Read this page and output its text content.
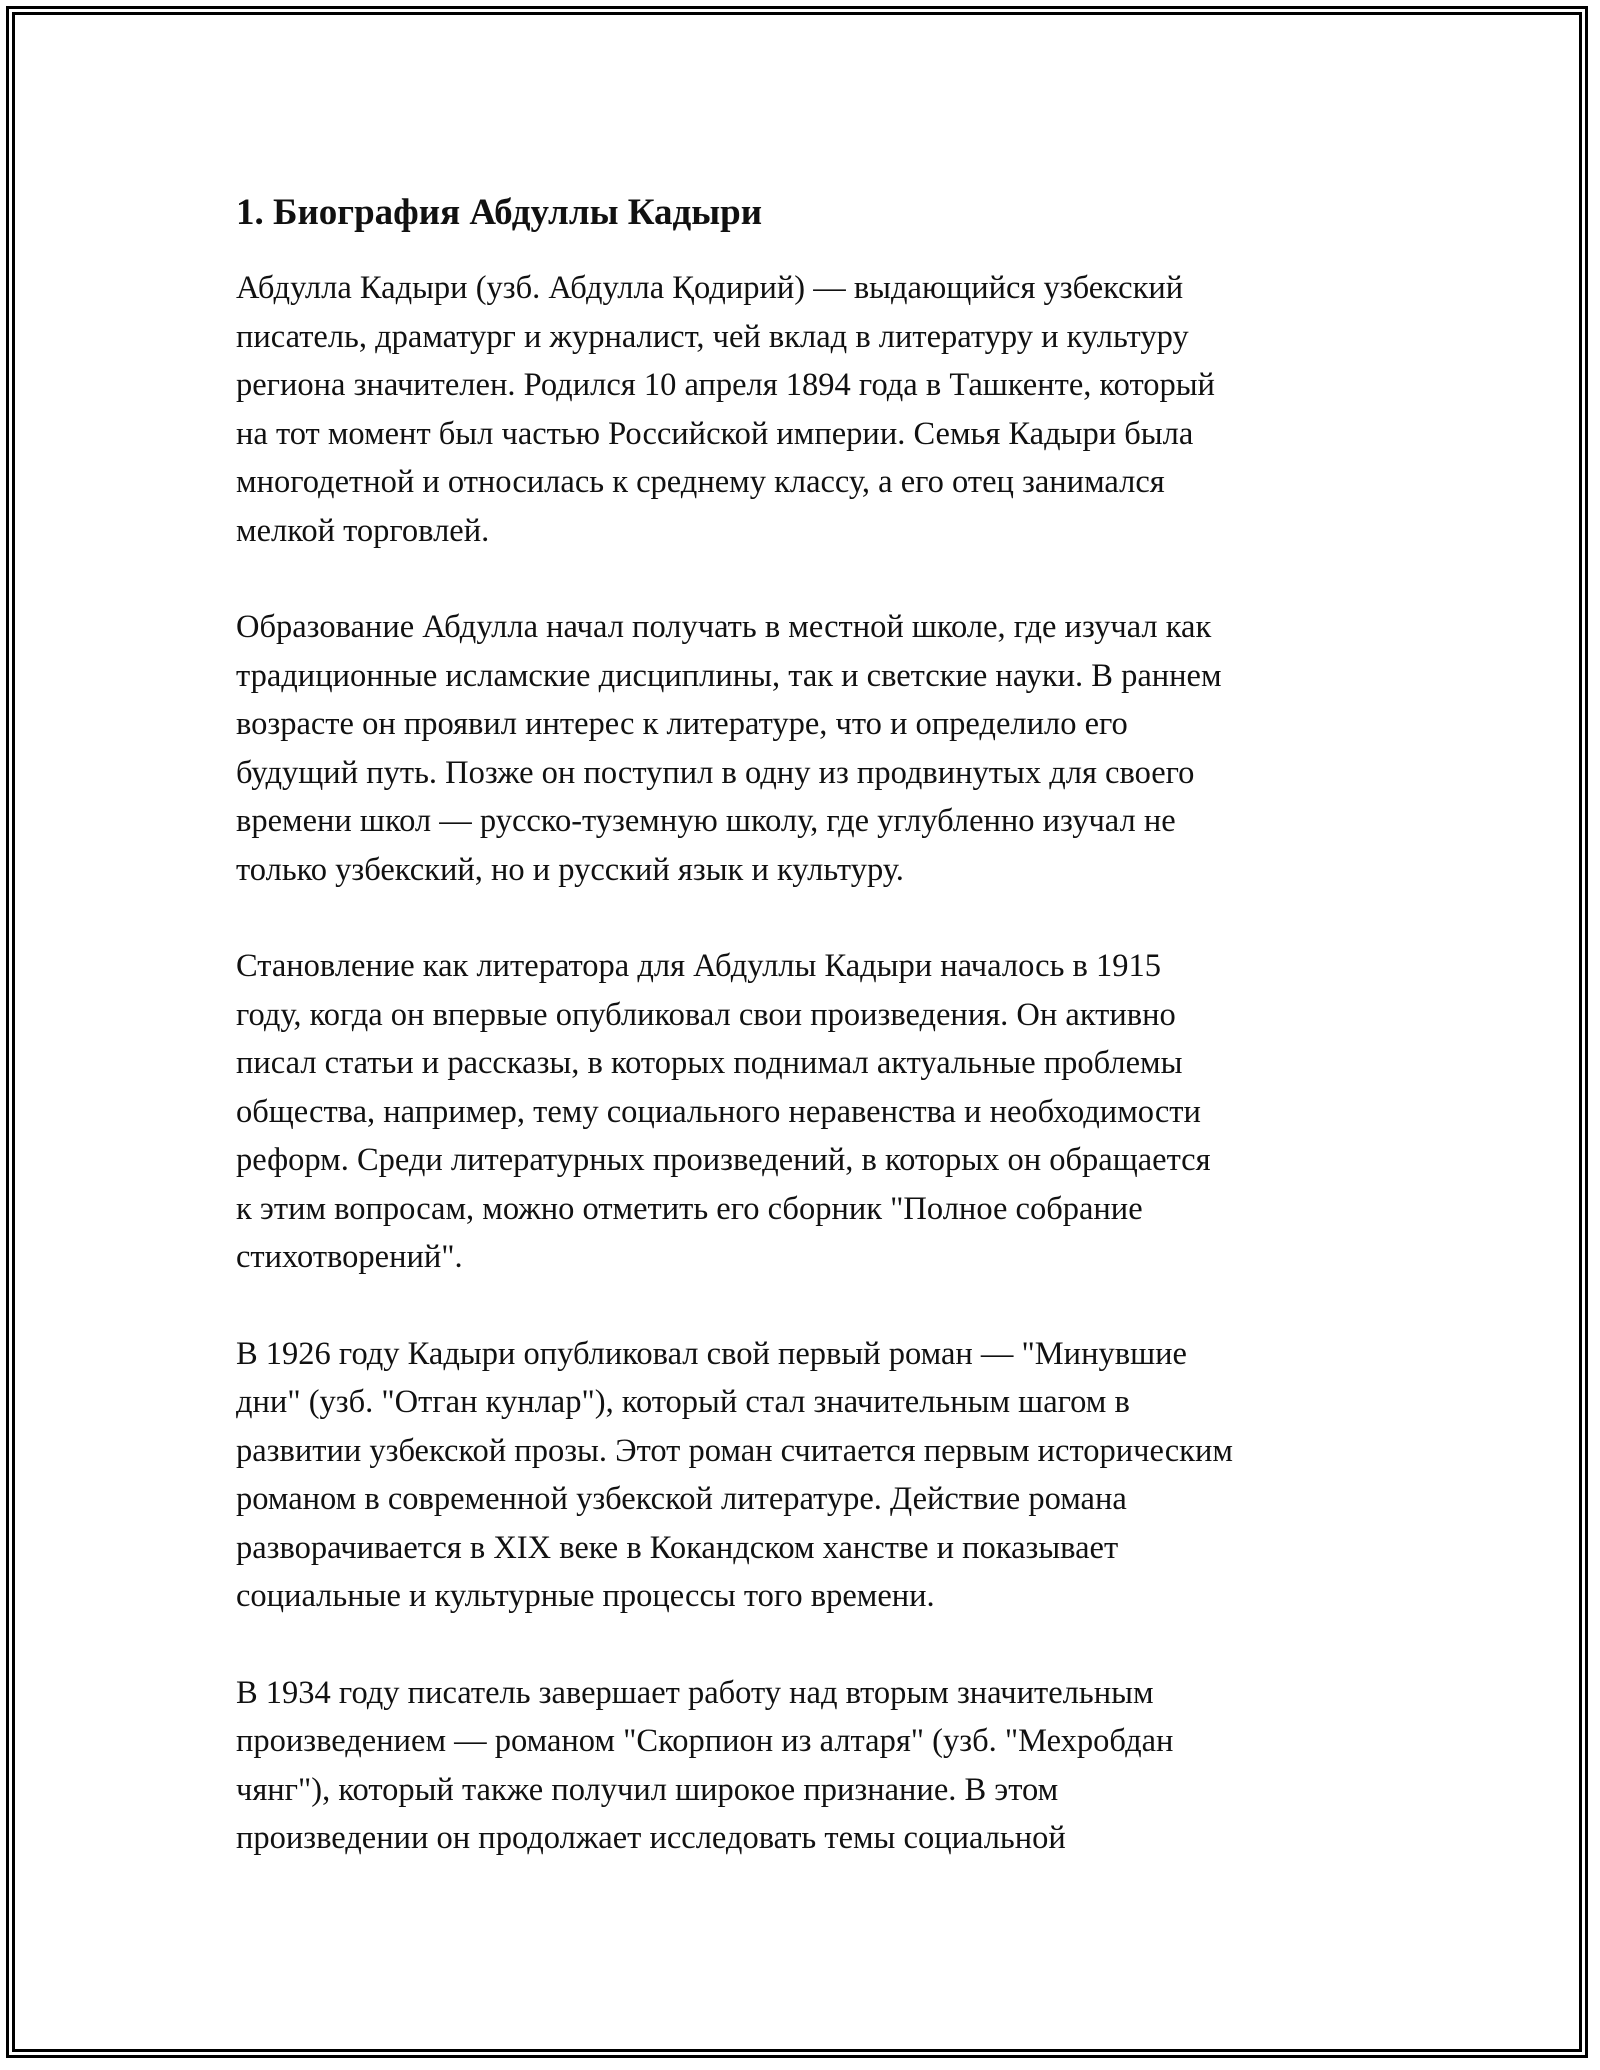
1. Биография Абдуллы Кадыри

Абдулла Кадыри (узб. Абдулла Қодирий) — выдающийся узбекский
писатель, драматург и журналист, чей вклад в литературу и культуру
региона значителен. Родился 10 апреля 1894 года в Ташкенте, который
на тот момент был частью Российской империи. Семья Кадыри была
многодетной и относилась к среднему классу, а его отец занимался
мелкой торговлей.

Образование Абдулла начал получать в местной школе, где изучал как
традиционные исламские дисциплины, так и светские науки. В раннем
возрасте он проявил интерес к литературе, что и определило его
будущий путь. Позже он поступил в одну из продвинутых для своего
времени школ — русско-туземную школу, где углубленно изучал не
только узбекский, но и русский язык и культуру.

Становление как литератора для Абдуллы Кадыри началось в 1915
году, когда он впервые опубликовал свои произведения. Он активно
писал статьи и рассказы, в которых поднимал актуальные проблемы
общества, например, тему социального неравенства и необходимости
реформ. Среди литературных произведений, в которых он обращается
к этим вопросам, можно отметить его сборник "Полное собрание
стихотворений".

В 1926 году Кадыри опубликовал свой первый роман — "Минувшие
дни" (узб. "Отган кунлар"), который стал значительным шагом в
развитии узбекской прозы. Этот роман считается первым историческим
романом в современной узбекской литературе. Действие романа
разворачивается в XIX веке в Кокандском ханстве и показывает
социальные и культурные процессы того времени.

В 1934 году писатель завершает работу над вторым значительным
произведением — романом "Скорпион из алтаря" (узб. "Мехробдан
чянг"), который также получил широкое признание. В этом
произведении он продолжает исследовать темы социальной
